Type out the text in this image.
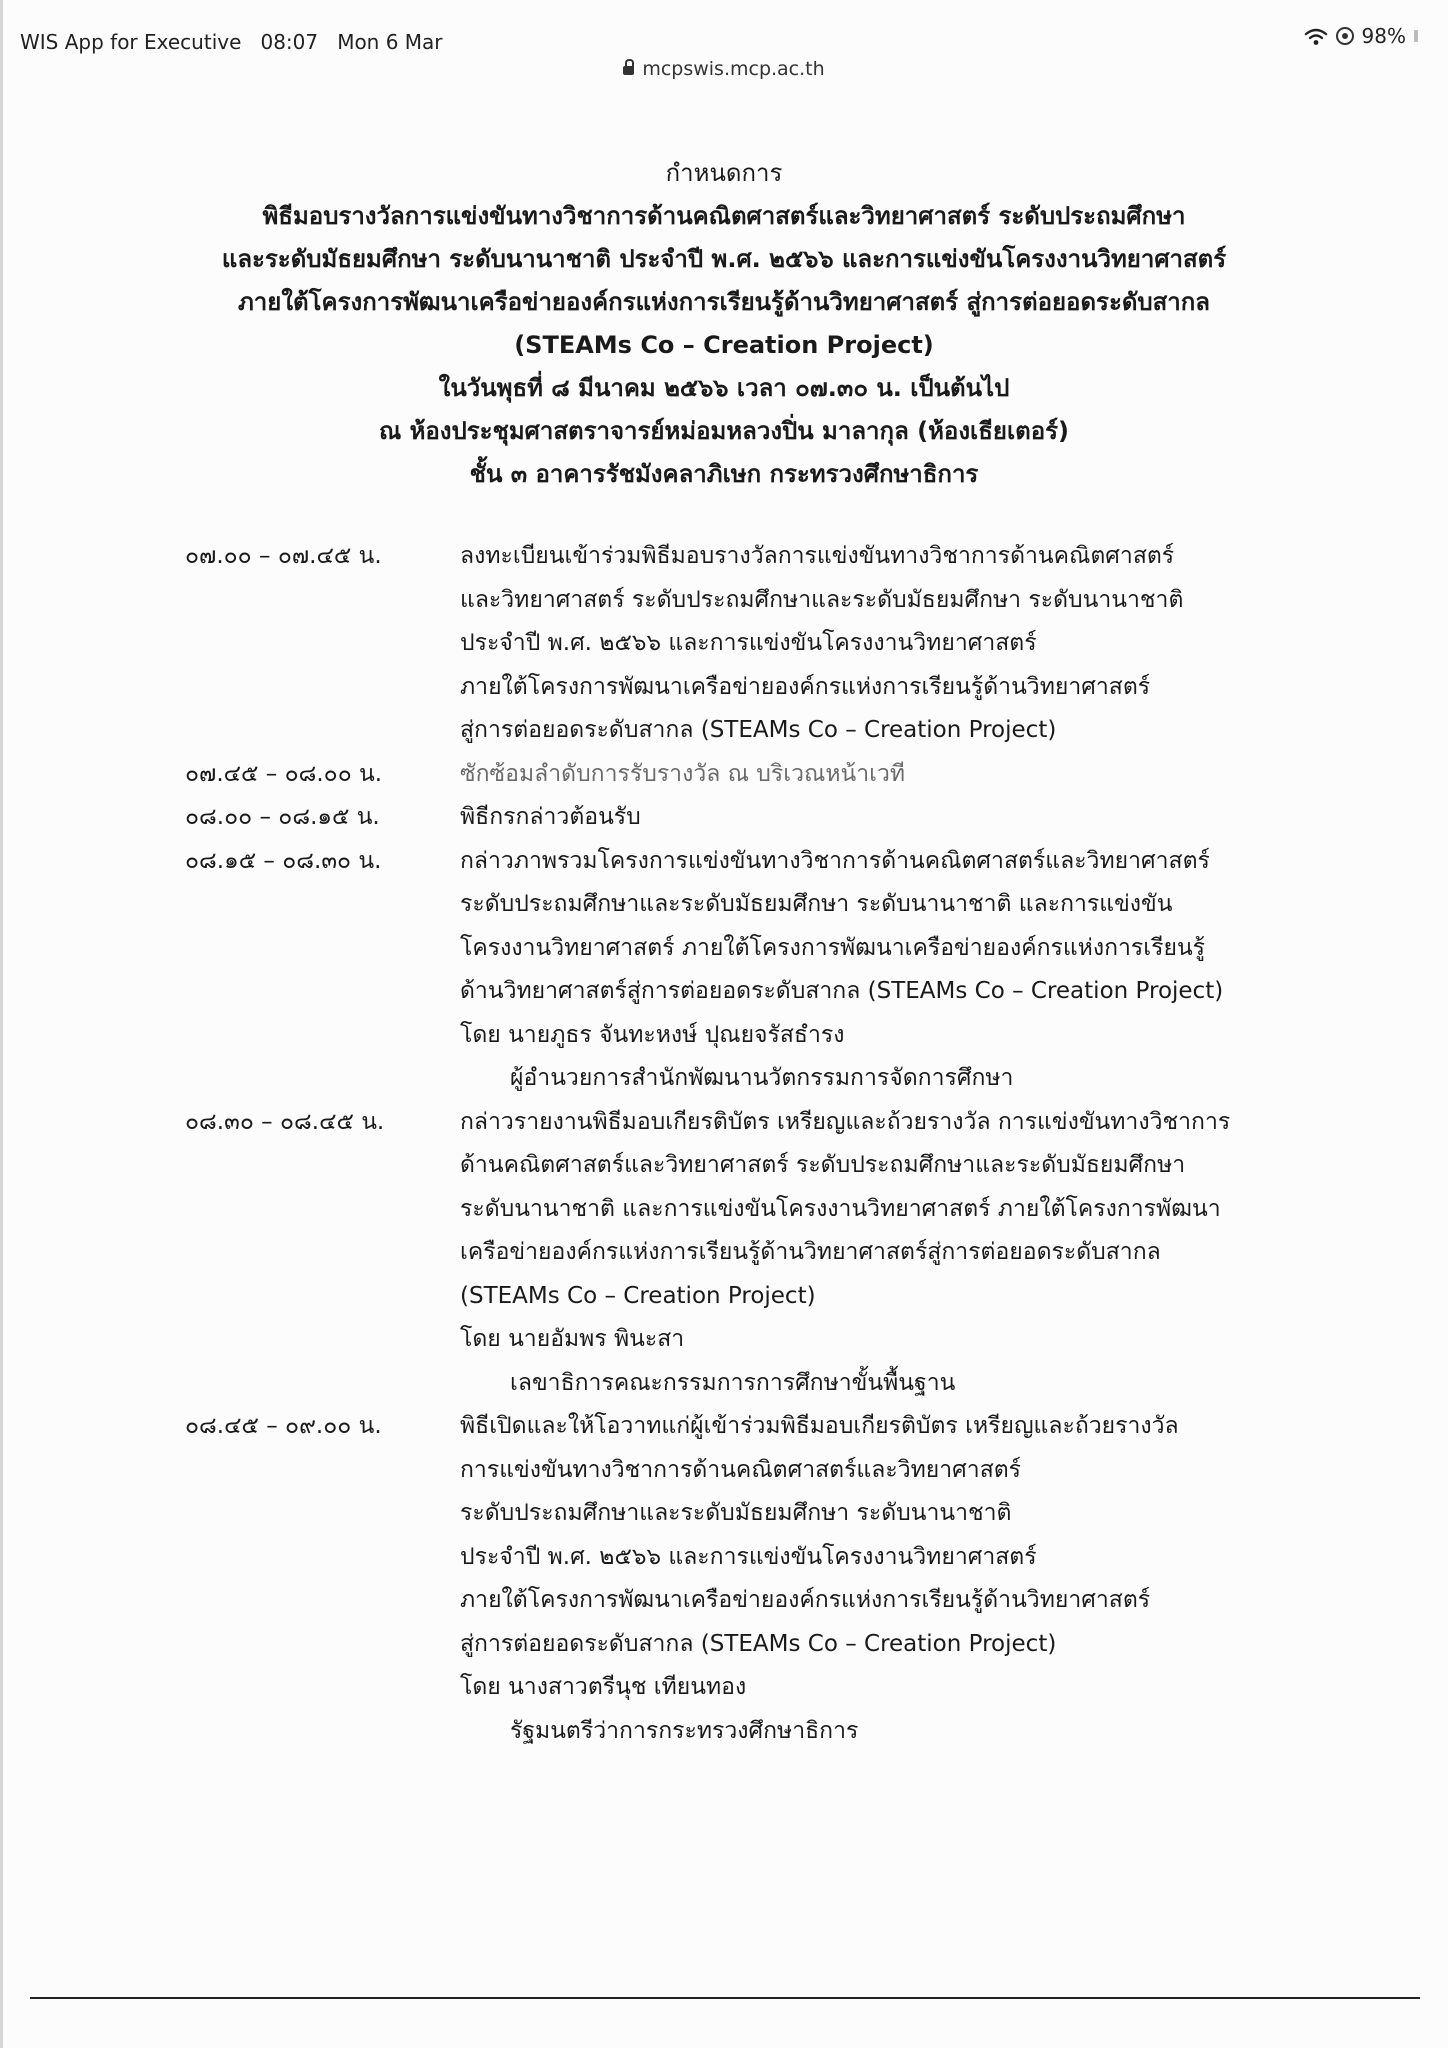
WIS App for Executive 08:07 Mon 6 Mar	98%
mcpswis.mcp.ac.th
กำหนดการ
พิธีมอบรางวัลการแข่งขันทางวิชาการด้านคณิตศาสตร์และวิทยาศาสตร์ ระดับประถมศึกษา
และระดับมัธยมศึกษา ระดับนานาชาติ ประจำปี พ.ศ. ๒๕๖๖ และการแข่งขันโครงงานวิทยาศาสตร์
ภายใต้โครงการพัฒนาเครือข่ายองค์กรแห่งการเรียนรู้ด้านวิทยาศาสตร์ สู่การต่อยอดระดับสากล
(STEAMs Co – Creation Project)
ในวันพุธที่ ๘ มีนาคม ๒๕๖๖ เวลา ๐๗.๓๐ น. เป็นต้นไป
ณ ห้องประชุมศาสตราจารย์หม่อมหลวงปิ่น มาลากุล (ห้องเธียเตอร์)
ชั้น ๓ อาคารรัชมังคลาภิเษก กระทรวงศึกษาธิการ
๐๗.๐๐ – ๐๗.๔๕ น.	ลงทะเบียนเข้าร่วมพิธีมอบรางวัลการแข่งขันทางวิชาการด้านคณิตศาสตร์
และวิทยาศาสตร์ ระดับประถมศึกษาและระดับมัธยมศึกษา ระดับนานาชาติ
ประจำปี พ.ศ. ๒๕๖๖ และการแข่งขันโครงงานวิทยาศาสตร์
ภายใต้โครงการพัฒนาเครือข่ายองค์กรแห่งการเรียนรู้ด้านวิทยาศาสตร์
สู่การต่อยอดระดับสากล (STEAMs Co – Creation Project)
๐๗.๔๕ – ๐๘.๐๐ น.	ซักซ้อมลำดับการรับรางวัล ณ บริเวณหน้าเวที
๐๘.๐๐ – ๐๘.๑๕ น.	พิธีกรกล่าวต้อนรับ
๐๘.๑๕ – ๐๘.๓๐ น.	กล่าวภาพรวมโครงการแข่งขันทางวิชาการด้านคณิตศาสตร์และวิทยาศาสตร์
ระดับประถมศึกษาและระดับมัธยมศึกษา ระดับนานาชาติ และการแข่งขัน
โครงงานวิทยาศาสตร์ ภายใต้โครงการพัฒนาเครือข่ายองค์กรแห่งการเรียนรู้
ด้านวิทยาศาสตร์สู่การต่อยอดระดับสากล (STEAMs Co – Creation Project)
โดย นายภูธร จันทะหงษ์ ปุณยจรัสธำรง
ผู้อำนวยการสำนักพัฒนานวัตกรรมการจัดการศึกษา
๐๘.๓๐ – ๐๘.๔๕ น.	กล่าวรายงานพิธีมอบเกียรติบัตร เหรียญและถ้วยรางวัล การแข่งขันทางวิชาการ
ด้านคณิตศาสตร์และวิทยาศาสตร์ ระดับประถมศึกษาและระดับมัธยมศึกษา
ระดับนานาชาติ และการแข่งขันโครงงานวิทยาศาสตร์ ภายใต้โครงการพัฒนา
เครือข่ายองค์กรแห่งการเรียนรู้ด้านวิทยาศาสตร์สู่การต่อยอดระดับสากล
(STEAMs Co – Creation Project)
โดย นายอัมพร พินะสา
เลขาธิการคณะกรรมการการศึกษาขั้นพื้นฐาน
๐๘.๔๕ – ๐๙.๐๐ น.	พิธีเปิดและให้โอวาทแก่ผู้เข้าร่วมพิธีมอบเกียรติบัตร เหรียญและถ้วยรางวัล
การแข่งขันทางวิชาการด้านคณิตศาสตร์และวิทยาศาสตร์
ระดับประถมศึกษาและระดับมัธยมศึกษา ระดับนานาชาติ
ประจำปี พ.ศ. ๒๕๖๖ และการแข่งขันโครงงานวิทยาศาสตร์
ภายใต้โครงการพัฒนาเครือข่ายองค์กรแห่งการเรียนรู้ด้านวิทยาศาสตร์
สู่การต่อยอดระดับสากล (STEAMs Co – Creation Project)
โดย นางสาวตรีนุช เทียนทอง
รัฐมนตรีว่าการกระทรวงศึกษาธิการ
